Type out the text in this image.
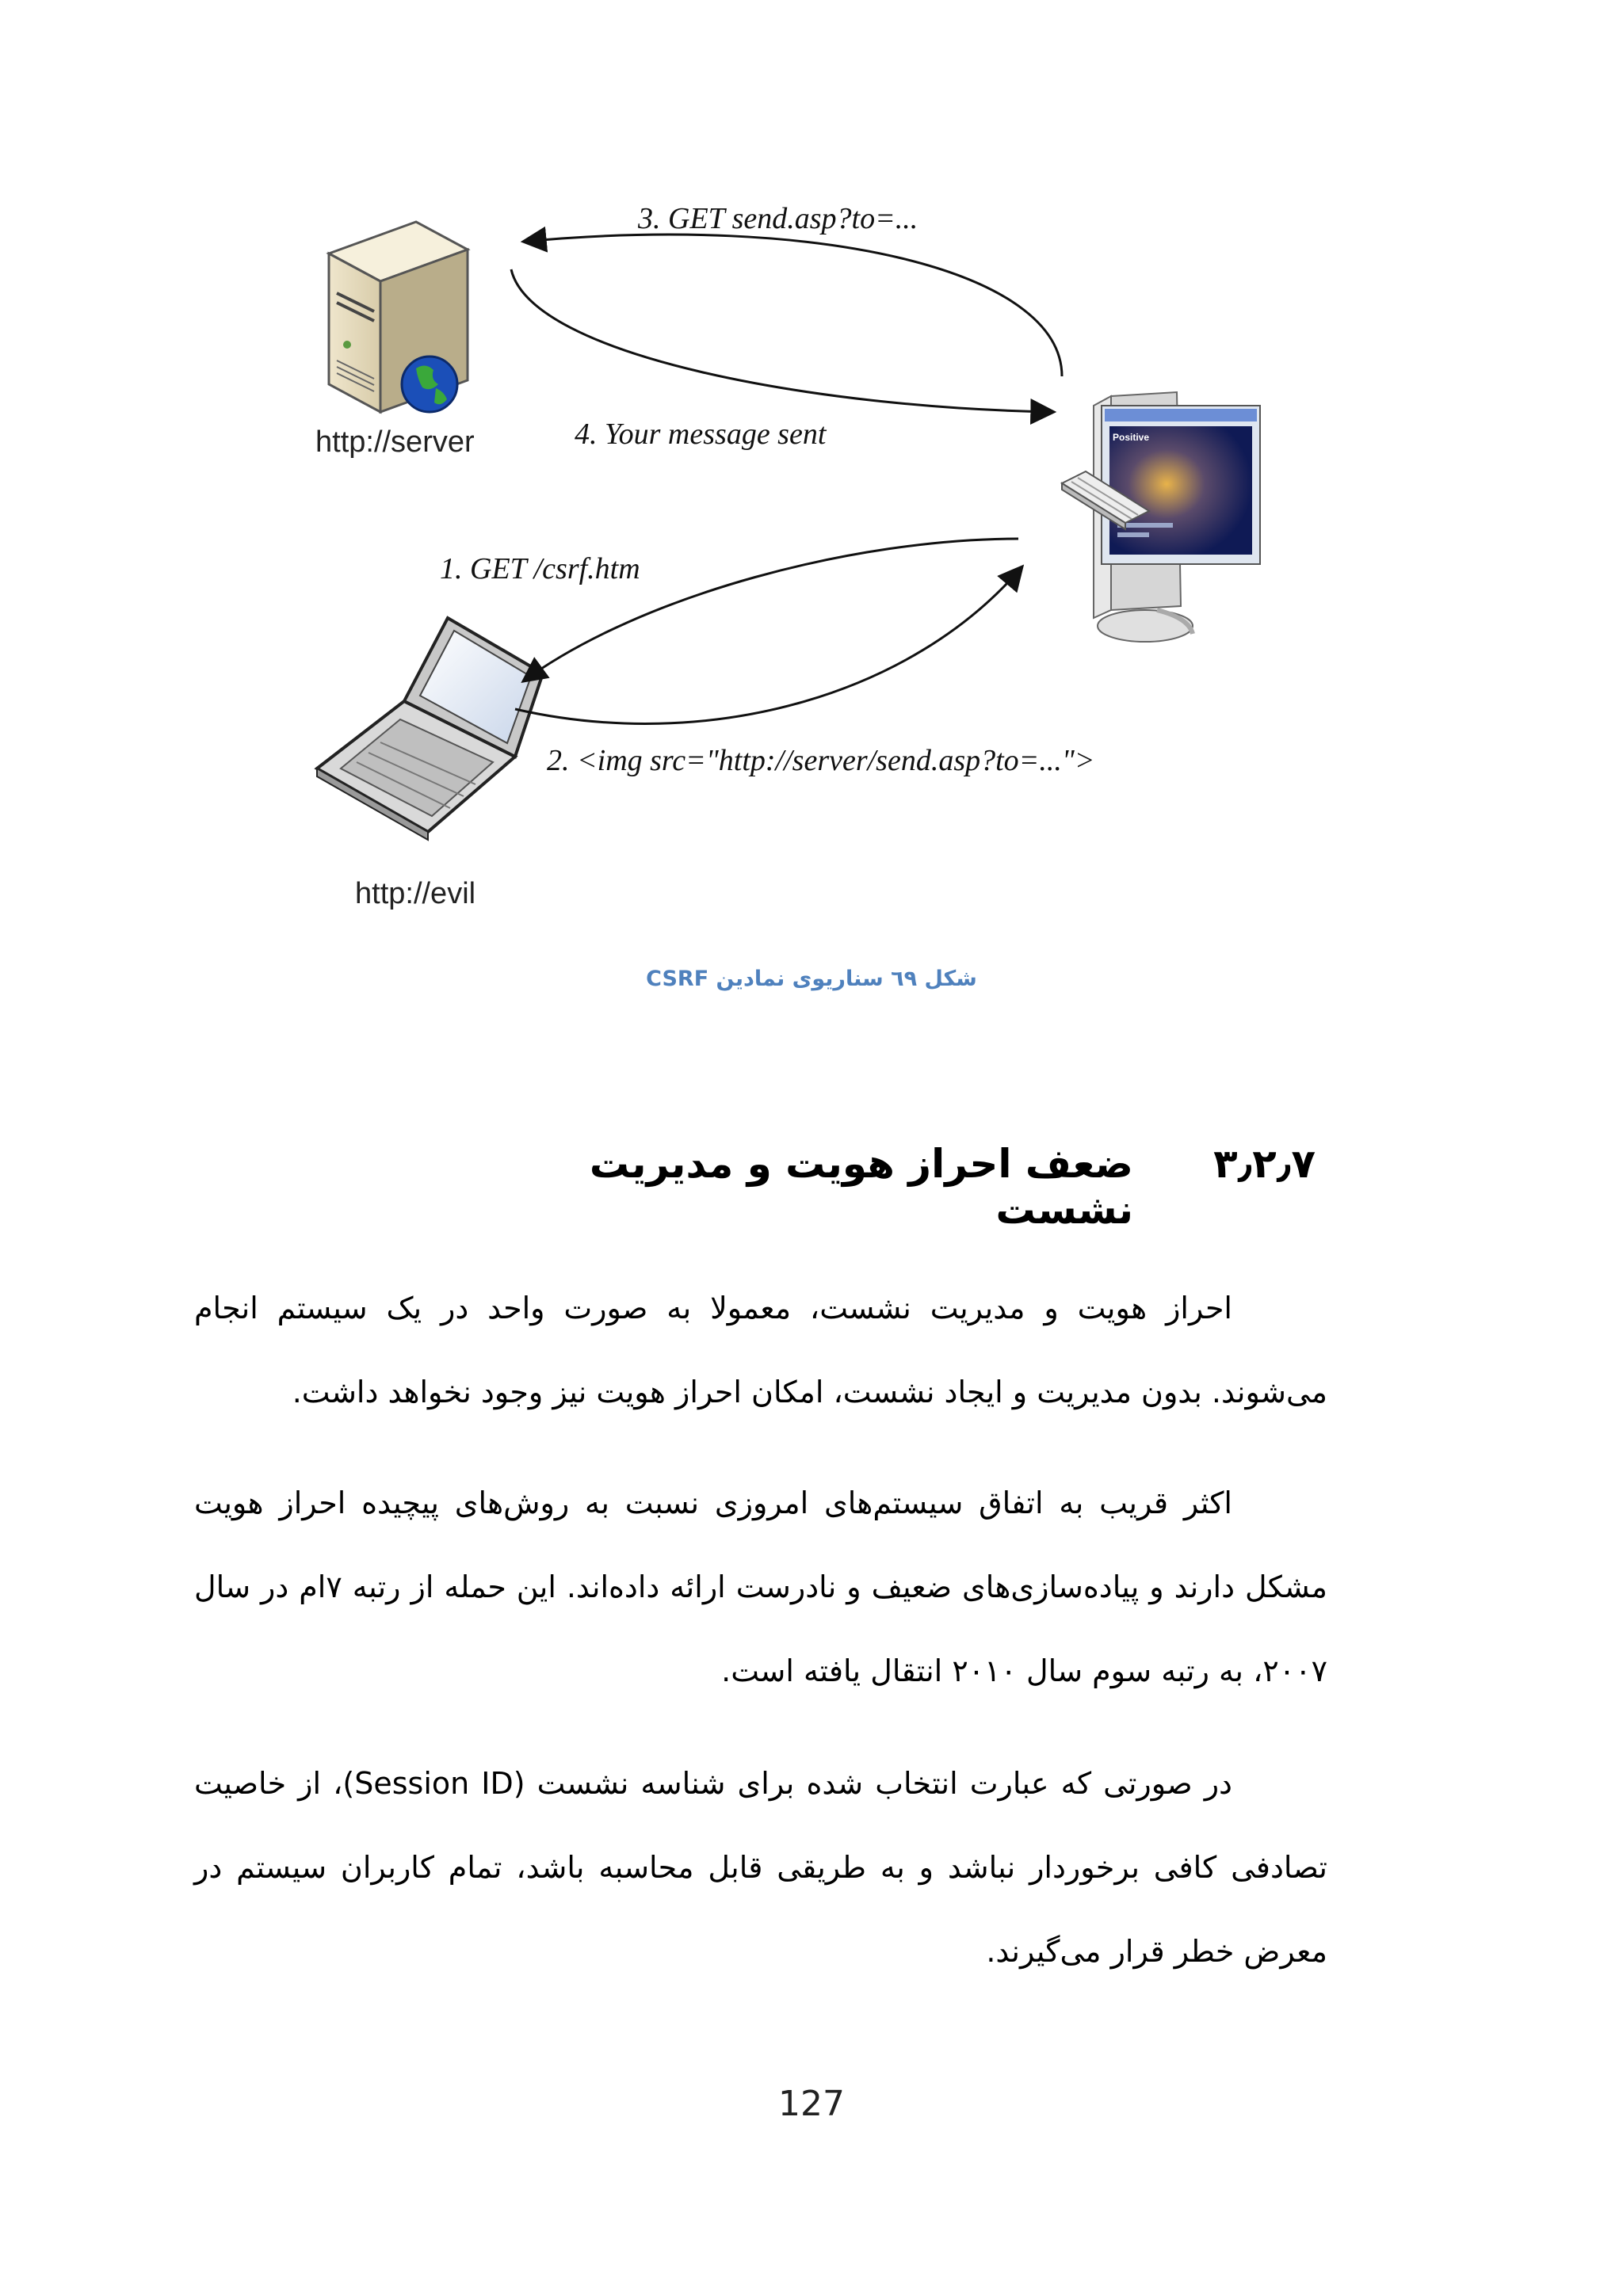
http://server	Positive
http://evil
3. GET send.asp?to=...
4. Your message sent
1. GET /csrf.htm
2. <img src="http://server/send.asp?to=...">
شکل ٦٩ سناریوی نمادین CSRF
۳٫۲٫۷
ضعف احراز هویت و مدیریت نشست

احراز هویت و مدیریت نشست، معمولا به صورت واحد در یک سیستم انجام می‌شوند. بدون مدیریت و ایجاد نشست، امکان احراز هویت نیز وجود نخواهد داشت.

اکثر قریب به اتفاق سیستم‌های امروزی نسبت به روش‌های پیچیده احراز هویت مشکل دارند و پیاده‌سازی‌های ضعیف و نادرست ارائه داده‌اند. این حمله از رتبه ۷ام در سال ۲۰۰۷، به رتبه سوم سال ۲۰۱۰ انتقال یافته است.

در صورتی که عبارت انتخاب شده برای شناسه نشست (Session ID)، از خاصیت تصادفی کافی برخوردار نباشد و به طریقی قابل محاسبه باشد، تمام کاربران سیستم در معرض خطر قرار می‌گیرند.

127
